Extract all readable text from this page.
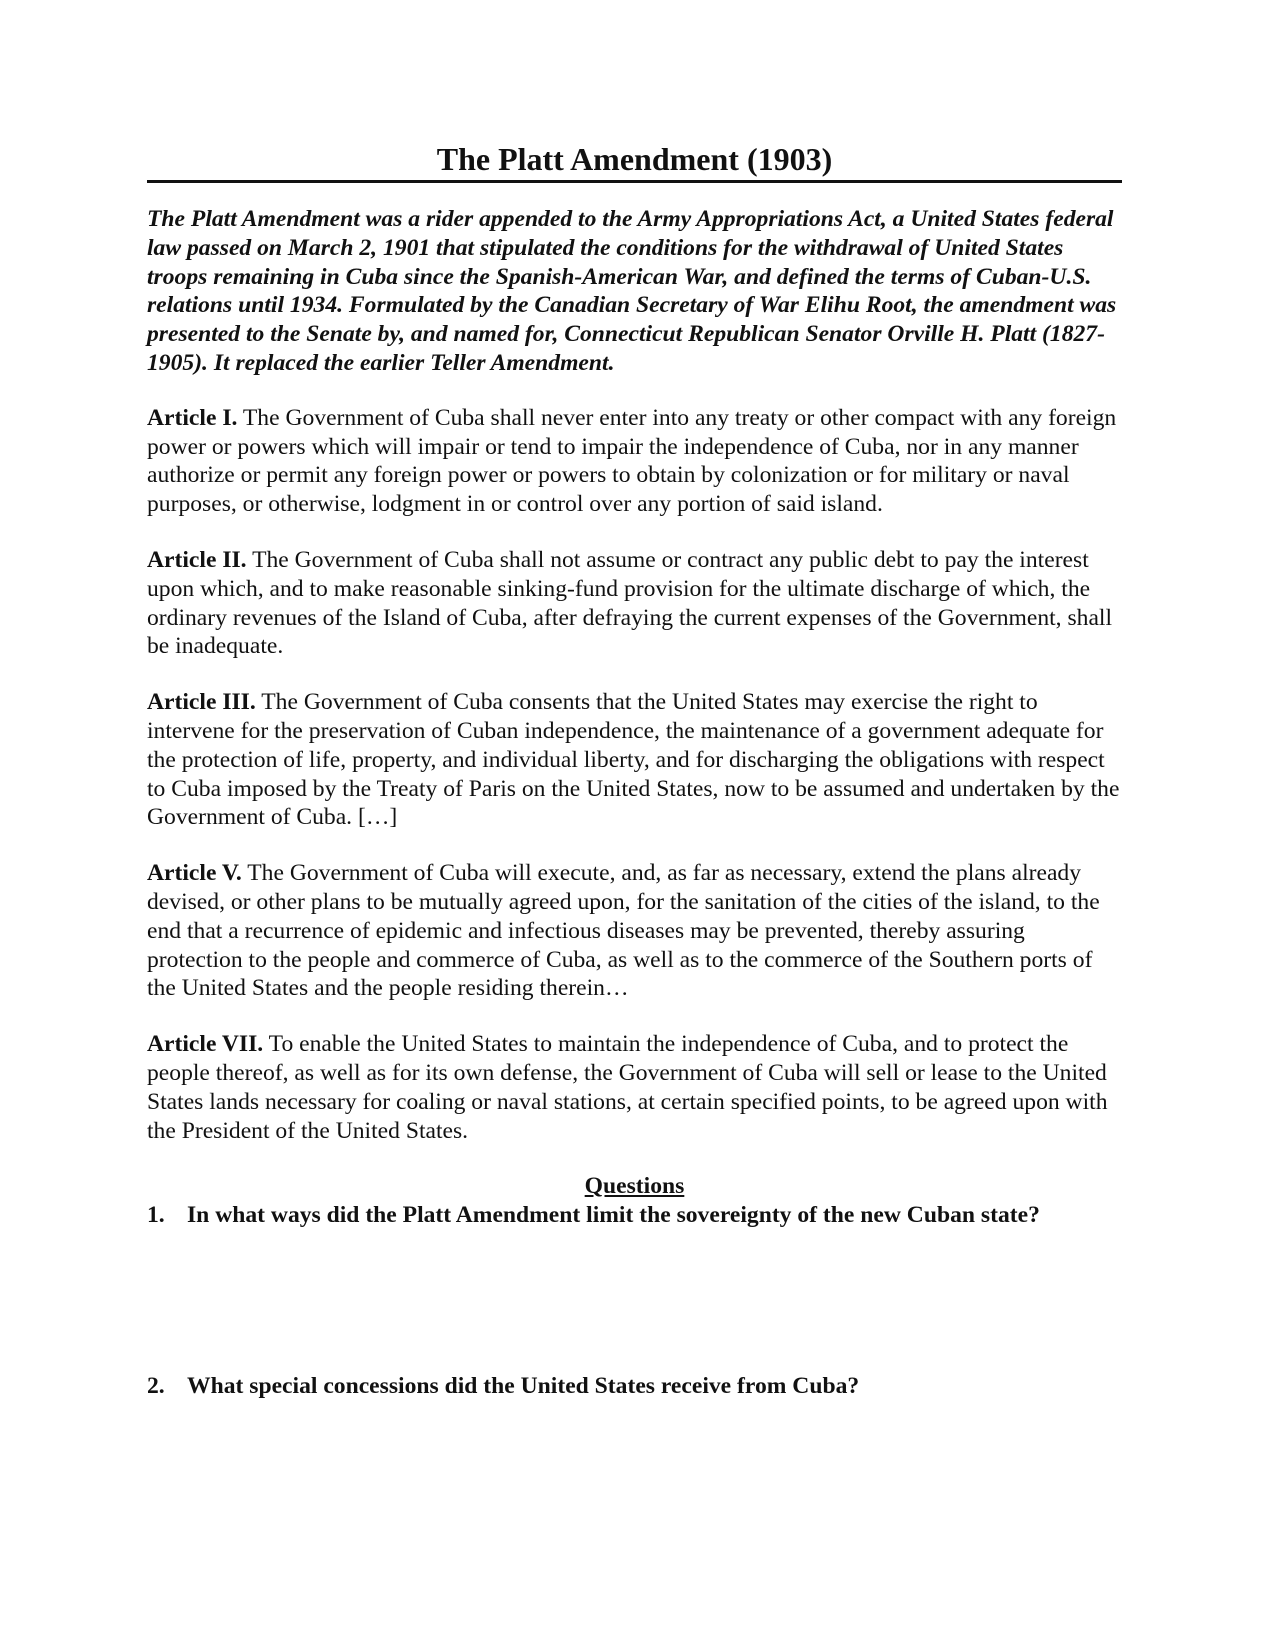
The Platt Amendment (1903)

The Platt Amendment was a rider appended to the Army Appropriations Act, a United States federal law passed on March 2, 1901 that stipulated the conditions for the withdrawal of United States troops remaining in Cuba since the Spanish-American War, and defined the terms of Cuban-U.S. relations until 1934. Formulated by the Canadian Secretary of War Elihu Root, the amendment was presented to the Senate by, and named for, Connecticut Republican Senator Orville H. Platt (1827-1905). It replaced the earlier Teller Amendment.

Article I. The Government of Cuba shall never enter into any treaty or other compact with any foreign power or powers which will impair or tend to impair the independence of Cuba, nor in any manner authorize or permit any foreign power or powers to obtain by colonization or for military or naval purposes, or otherwise, lodgment in or control over any portion of said island.

Article II. The Government of Cuba shall not assume or contract any public debt to pay the interest upon which, and to make reasonable sinking-fund provision for the ultimate discharge of which, the ordinary revenues of the Island of Cuba, after defraying the current expenses of the Government, shall be inadequate.

Article III. The Government of Cuba consents that the United States may exercise the right to intervene for the preservation of Cuban independence, the maintenance of a government adequate for the protection of life, property, and individual liberty, and for discharging the obligations with respect to Cuba imposed by the Treaty of Paris on the United States, now to be assumed and undertaken by the Government of Cuba. […]

Article V. The Government of Cuba will execute, and, as far as necessary, extend the plans already devised, or other plans to be mutually agreed upon, for the sanitation of the cities of the island, to the end that a recurrence of epidemic and infectious diseases may be prevented, thereby assuring protection to the people and commerce of Cuba, as well as to the commerce of the Southern ports of the United States and the people residing therein…

Article VII. To enable the United States to maintain the independence of Cuba, and to protect the people thereof, as well as for its own defense, the Government of Cuba will sell or lease to the United States lands necessary for coaling or naval stations, at certain specified points, to be agreed upon with the President of the United States.

Questions

1. In what ways did the Platt Amendment limit the sovereignty of the new Cuban state?
2. What special concessions did the United States receive from Cuba?
